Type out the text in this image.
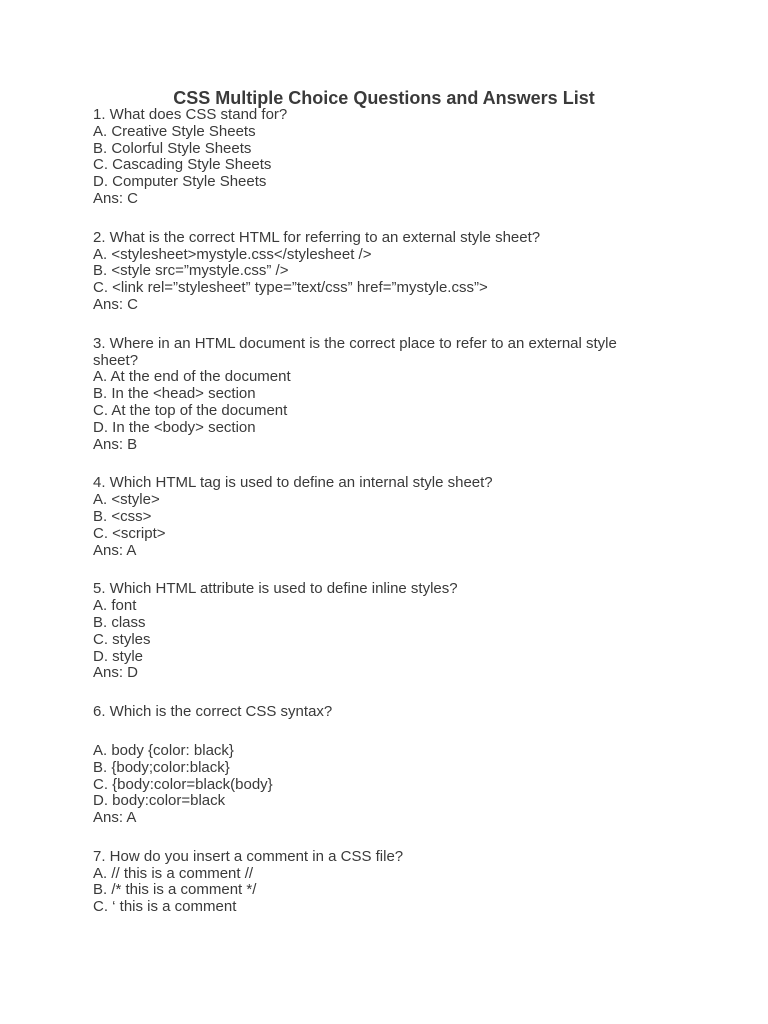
CSS Multiple Choice Questions and Answers List

1. What does CSS stand for?

A. Creative Style Sheets

B. Colorful Style Sheets

C. Cascading Style Sheets

D. Computer Style Sheets

Ans: C

2. What is the correct HTML for referring to an external style sheet?

A. <stylesheet>mystyle.css</stylesheet />

B. <style src=”mystyle.css” />

C. <link rel=”stylesheet” type=”text/css” href=”mystyle.css”>

Ans: C

3. Where in an HTML document is the correct place to refer to an external style sheet?

A. At the end of the document

B. In the <head> section

C. At the top of the document

D. In the <body> section

Ans: B

4. Which HTML tag is used to define an internal style sheet?

A. <style>

B. <css>

C. <script>

Ans: A

5. Which HTML attribute is used to define inline styles?

A. font

B. class

C. styles

D. style

Ans: D

6. Which is the correct CSS syntax?

A. body {color: black}

B. {body;color:black}

C. {body:color=black(body}

D. body:color=black

Ans: A

7. How do you insert a comment in a CSS file?

A. // this is a comment //

B. /* this is a comment */

C. ‘ this is a comment
